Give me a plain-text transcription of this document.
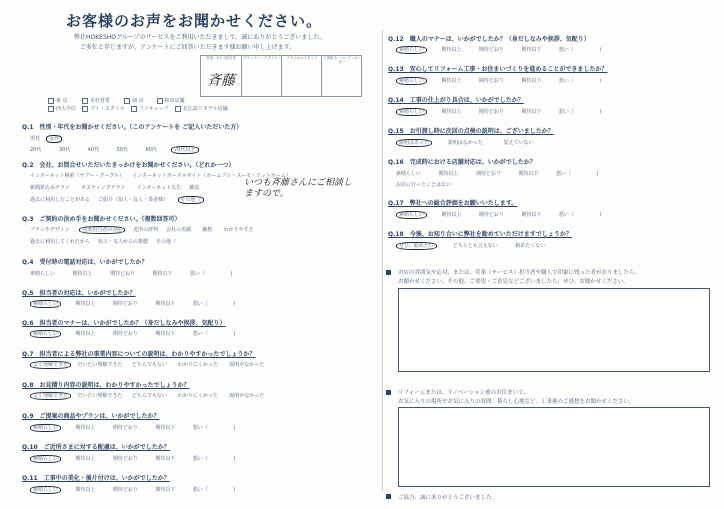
お客様のお声をお聞かせください。
弊社HOKESHOグループのサービスをご利用いただきまして、誠にありがとうございました。
ご多忙と存じますが、アンケートにご回答いただきます様お願い申し上げます。
営業・ｻｰﾋﾞｽ担当者	プランナー・デザイナー	テクニカルスタッフ	工事担当・コーディネーター
斉藤
東 店	本社営業	岡 店	和泉店舗
西大寺店	アイ・スタイル	リノキューブ	北広島リモデル店舗
Q.1　性別・年代をお聞かせください。（このアンケートを ご記入いただいた方）
男性 女性
20代	30代	40代	50代	60代	70代以上
Q.2　会社、お問合せいただいたきっかけをお聞かせください。（どれか一つ）
インターネット検索（ヤフー・グーグル） インターネットポータルサイト（ホームプロ・スーモ・アットホーム）
新聞折込みチラシ ポスティングチラシ インターネット広告 雑誌
過去に利用したことがある ご紹介（知人・友人・業者様）	その他（
いつも斉藤さんにご相談しますので。
Q.3　ご契約の決め手をお聞かせください。（複数回答可）
プランやデザイン	営業担当者の対応 近所の評判 会社の実績 価格 わかりやすさ
過去に利用してくれたから 知人・友人からの推薦 その他（
Q.4　受付時の電話対応は、いかがでしたか？
素晴らしい	期待以上	期待どおり	期待以下	悪い（	)
Q.5　担当者の対応は、いかがでしたか？
素晴らしい	期待以上	期待どおり	期待以下	悪い（	)
Q.6　担当者のマナーは、いかがでしたか？（身だしなみや挨拶、気配り）
素晴らしい	期待以上	期待どおり	期待以下	悪い（	)
Q.7　担当者による弊社の事業内容についての説明は、わかりやすかったでしょうか？
よく理解できた だいたい理解できた どちらでもない わかりにくかった 説明がなかった
Q.8　お見積り内容の説明は、わかりやすかったでしょうか？
よく理解できた だいたい理解できた どちらでもない わかりにくかった 説明がなかった
Q.9　ご提案の商品やプランは、いかがでしたか？
素晴らしい	期待以上	期待どおり	期待以下	悪い（	)
Q.10　ご近所さまに対する配慮は、いかがでしたか？
素晴らしい	期待以上	期待どおり	期待以下	悪い（	)
Q.11　工事中の美化・後片付けは、いかがでしたか？
素晴らしい	期待以上	期待どおり	期待以下	悪い（	)
Q.12　職人のマナーは、いかがでしたか？（身だしなみや挨拶、気配り）
素晴らしい	期待以上	期待どおり	期待以下	悪い（	)
Q.13　安心してリフォーム工事・お住まいづくりを進めることができましたか？
素晴らしい	期待以上	期待どおり	期待以下	悪い（	)
Q.14　工事の仕上がり具合は、いかがでしたか？
素晴らしい	期待以上	期待どおり	期待以下	悪い（	)
Q.15　お引渡し時に次回の点検の説明は、ございましたか？
説明はあった	説明はなかった	覚えていない
Q.16　完成時における店舗対応は、いかがでしたか？
素晴らしい	期待以上	期待どおり	期待以下	悪い（	)
お店に行ったことはない
Q.17　弊社への総合評価をお願いいたします。
素晴らしい	期待以上	期待どおり	期待以下	悪い（	)
Q.18　今後、お知り合いに弊社を勧めていただけますでしょうか？
ぜひ、勧めたい	どちらとも言えない	勧めたくない
お店の雰囲気や応対、または、営業（サービス）担当者や職人で印象に残った者がおりましたら、
お聞かせください。その他、ご要望・ご意見などございましたら、ぜひ、お聞かせください。
リフォームまたは、リノベーション後のお住まいで、
お気に入りの場所やお気に入りの時間、暮らし心地など、工事後のご感想をお聞かせください。
ご協力、誠にありがとうございました。
